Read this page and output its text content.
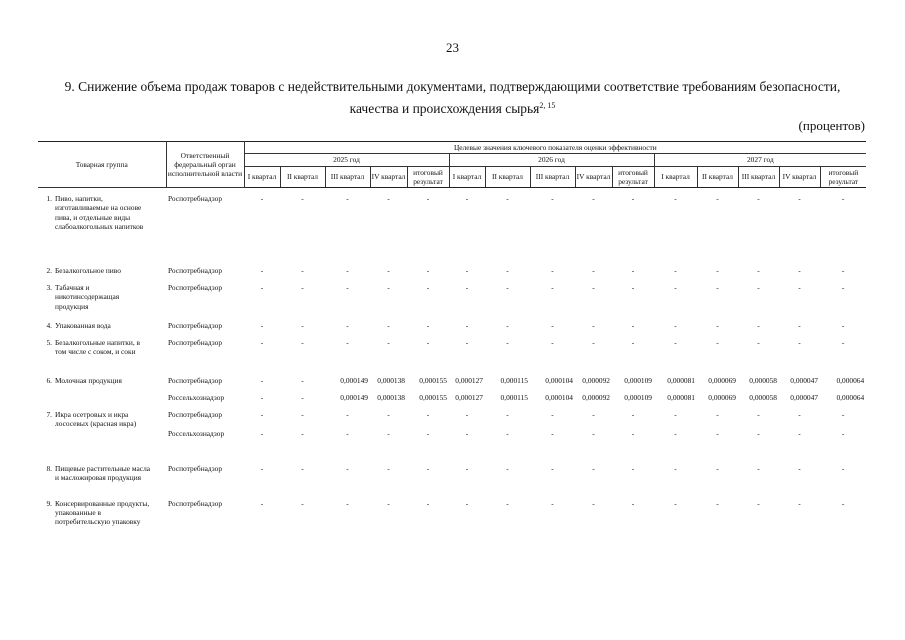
23
9. Снижение объема продаж товаров с недействительными документами, подтверждающими соответствие требованиям безопасности, качества и происхождения сырья$^{2, 15}$
(процентов)
Товарная группа	Ответственный федеральный орган исполнительной власти	Целевые значения ключевого показателя оценки эффективности														
		2025 год					2026 год					2027 год				
		I квартал	II квартал	III квартал	IV квартал	итоговый результат	I квартал	II квартал	III квартал	IV квартал	итоговый результат	I квартал	II квартал	III квартал	IV квартал	итоговый результат

1. Пиво, напитки, изготавливаемые на основе пива, и отдельные виды слабоалкогольных напитков	Роспотребнадзор	-	-	-	-	-	-	-	-	-	-	-	-	-	-	-
2. Безалкогольное пиво	Роспотребнадзор	-	-	-	-	-	-	-	-	-	-	-	-	-	-	-
3. Табачная и никотинсодержащая продукция	Роспотребнадзор	-	-	-	-	-	-	-	-	-	-	-	-	-	-	-
4. Упакованная вода	Роспотребнадзор	-	-	-	-	-	-	-	-	-	-	-	-	-	-	-
5. Безалкогольные напитки, в том числе с соком, и соки	Роспотребнадзор	-	-	-	-	-	-	-	-	-	-	-	-	-	-	-
6. Молочная продукция	Роспотребнадзор	-	-	0,000149	0,000138	0,000155	0,000127	0,000115	0,000104	0,000092	0,000109	0,000081	0,000069	0,000058	0,000047	0,000064
	Россельхознадзор	-	-	0,000149	0,000138	0,000155	0,000127	0,000115	0,000104	0,000092	0,000109	0,000081	0,000069	0,000058	0,000047	0,000064
7. Икра осетровых и икра лососевых (красная икра)	Роспотребнадзор	-	-	-	-	-	-	-	-	-	-	-	-	-	-	-
	Россельхознадзор	-	-	-	-	-	-	-	-	-	-	-	-	-	-	-
8. Пищевые растительные масла и масложировая продукция	Роспотребнадзор	-	-	-	-	-	-	-	-	-	-	-	-	-	-	-
9. Консервированные продукты, упакованные в потребительскую упаковку	Роспотребнадзор	-	-	-	-	-	-	-	-	-	-	-	-	-	-	-
